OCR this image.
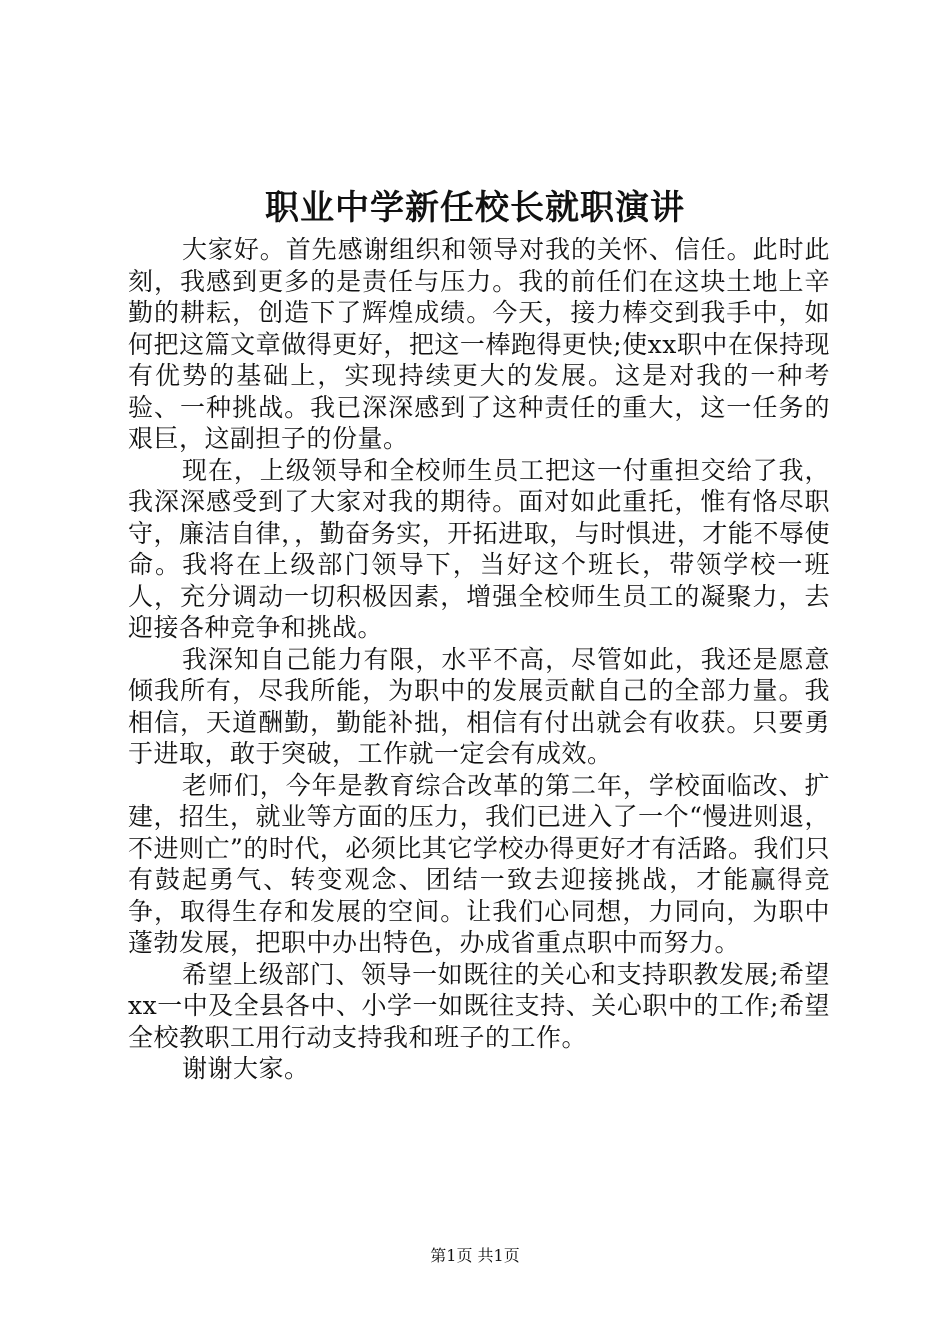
职业中学新任校长就职演讲

大家好。首先感谢组织和领导对我的关怀、信任。此时此刻，我感到更多的是责任与压力。我的前任们在这块土地上辛勤的耕耘，创造下了辉煌成绩。今天，接力棒交到我手中，如何把这篇文章做得更好，把这一棒跑得更快;使xx职中在保持现有优势的基础上，实现持续更大的发展。这是对我的一种考验、一种挑战。我已深深感到了这种责任的重大，这一任务的艰巨，这副担子的份量。

现在，上级领导和全校师生员工把这一付重担交给了我，我深深感受到了大家对我的期待。面对如此重托，惟有恪尽职守，廉洁自律，，勤奋务实，开拓进取，与时惧进，才能不辱使命。我将在上级部门领导下，当好这个班长，带领学校一班人，充分调动一切积极因素，增强全校师生员工的凝聚力，去迎接各种竞争和挑战。

我深知自己能力有限，水平不高，尽管如此，我还是愿意倾我所有，尽我所能，为职中的发展贡献自己的全部力量。我相信，天道酬勤，勤能补拙，相信有付出就会有收获。只要勇于进取，敢于突破，工作就一定会有成效。

老师们，今年是教育综合改革的第二年，学校面临改、扩建，招生，就业等方面的压力，我们已进入了一个“慢进则退，不进则亡”的时代，必须比其它学校办得更好才有活路。我们只有鼓起勇气、转变观念、团结一致去迎接挑战，才能赢得竞争，取得生存和发展的空间。让我们心同想，力同向，为职中蓬勃发展，把职中办出特色，办成省重点职中而努力。

希望上级部门、领导一如既往的关心和支持职教发展;希望xx一中及全县各中、小学一如既往支持、关心职中的工作;希望全校教职工用行动支持我和班子的工作。

谢谢大家。

第1页 共1页
